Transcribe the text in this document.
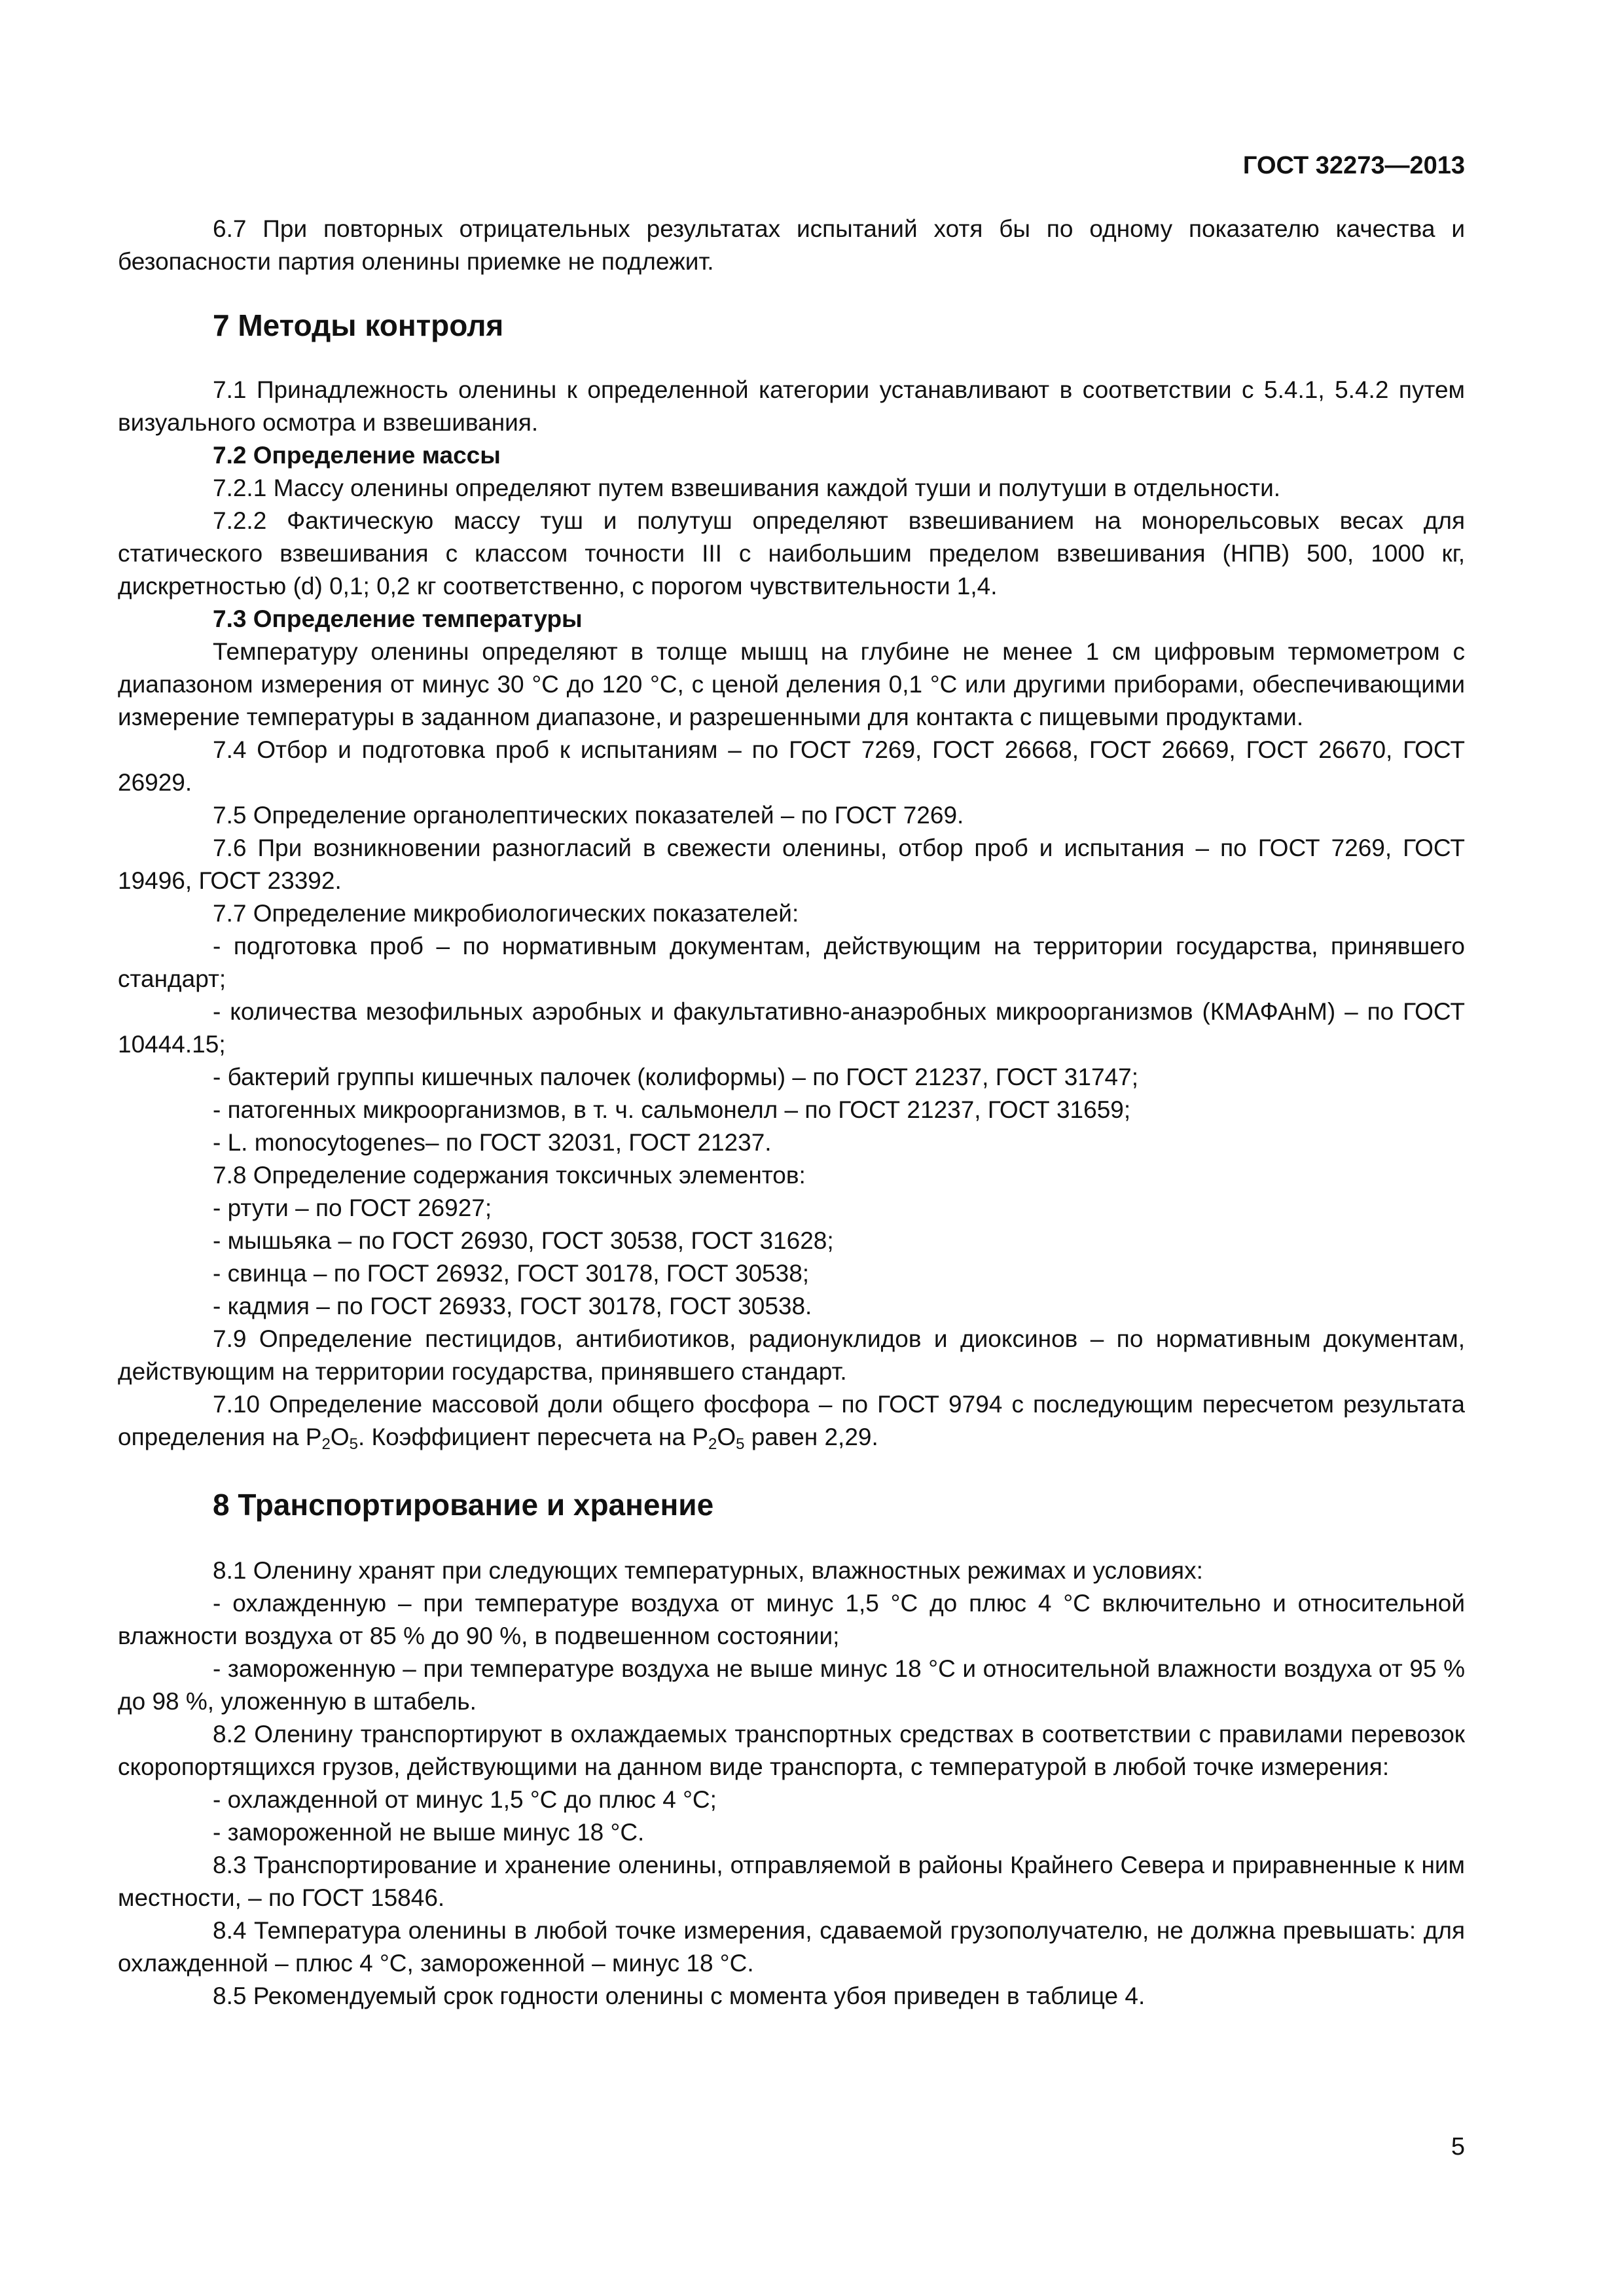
ГОСТ 32273—2013

6.7 При повторных отрицательных результатах испытаний хотя бы по одному показателю качества и безопасности партия оленины приемке не подлежит.

7 Методы контроля

7.1 Принадлежность оленины к определенной категории устанавливают в соответствии с 5.4.1, 5.4.2 путем визуального осмотра и взвешивания.

7.2 Определение массы

7.2.1 Массу оленины определяют путем взвешивания каждой туши и полутуши в отдельности.

7.2.2 Фактическую массу туш и полутуш определяют взвешиванием на монорельсовых весах для статического взвешивания с классом точности III с наибольшим пределом взвешивания (НПВ) 500, 1000 кг, дискретностью (d) 0,1; 0,2 кг соответственно, с порогом чувствительности 1,4.

7.3 Определение температуры

Температуру оленины определяют в толще мышц на глубине не менее 1 см цифровым термометром с диапазоном измерения от минус 30 °С до 120 °С, с ценой деления 0,1 °С или другими приборами, обеспечивающими измерение температуры в заданном диапазоне, и разрешенными для контакта с пищевыми продуктами.

7.4 Отбор и подготовка проб к испытаниям – по ГОСТ 7269, ГОСТ 26668, ГОСТ 26669, ГОСТ 26670, ГОСТ 26929.

7.5 Определение органолептических показателей – по ГОСТ 7269.

7.6 При возникновении разногласий в свежести оленины, отбор проб и испытания – по ГОСТ 7269, ГОСТ 19496, ГОСТ 23392.

7.7 Определение микробиологических показателей:

- подготовка проб – по нормативным документам, действующим на территории государства, принявшего стандарт;

- количества мезофильных аэробных и факультативно-анаэробных микроорганизмов (КМАФАнМ) – по ГОСТ 10444.15;

- бактерий группы кишечных палочек (колиформы) – по ГОСТ 21237, ГОСТ 31747;

- патогенных микроорганизмов, в т. ч. сальмонелл – по ГОСТ 21237, ГОСТ 31659;

- L. monocytogenes– по ГОСТ 32031, ГОСТ 21237.

7.8 Определение содержания токсичных элементов:

- ртути – по ГОСТ 26927;

- мышьяка – по ГОСТ 26930, ГОСТ 30538, ГОСТ 31628;

- свинца – по ГОСТ 26932, ГОСТ 30178, ГОСТ 30538;

- кадмия – по ГОСТ 26933, ГОСТ 30178, ГОСТ 30538.

7.9 Определение пестицидов, антибиотиков, радионуклидов и диоксинов – по нормативным документам, действующим на территории государства, принявшего стандарт.

7.10 Определение массовой доли общего фосфора – по ГОСТ 9794 с последующим пересчетом результата определения на $Р_2О_5$. Коэффициент пересчета на $Р_2О_5$ равен 2,29.

8 Транспортирование и хранение

8.1 Оленину хранят при следующих температурных, влажностных режимах и условиях:

- охлажденную – при температуре воздуха от минус 1,5 °С до плюс 4 °С включительно и относительной влажности воздуха от 85 % до 90 %, в подвешенном состоянии;

- замороженную – при температуре воздуха не выше минус 18 °С и относительной влажности воздуха от 95 % до 98 %, уложенную в штабель.

8.2 Оленину транспортируют в охлаждаемых транспортных средствах в соответствии с правилами перевозок скоропортящихся грузов, действующими на данном виде транспорта, с температурой в любой точке измерения:

- охлажденной от минус 1,5 °С до плюс 4 °С;

- замороженной не выше минус 18 °С.

8.3 Транспортирование и хранение оленины, отправляемой в районы Крайнего Севера и приравненные к ним местности, – по ГОСТ 15846.

8.4 Температура оленины в любой точке измерения, сдаваемой грузополучателю, не должна превышать: для охлажденной – плюс 4 °С, замороженной – минус 18 °С.

8.5 Рекомендуемый срок годности оленины с момента убоя приведен в таблице 4.

5
